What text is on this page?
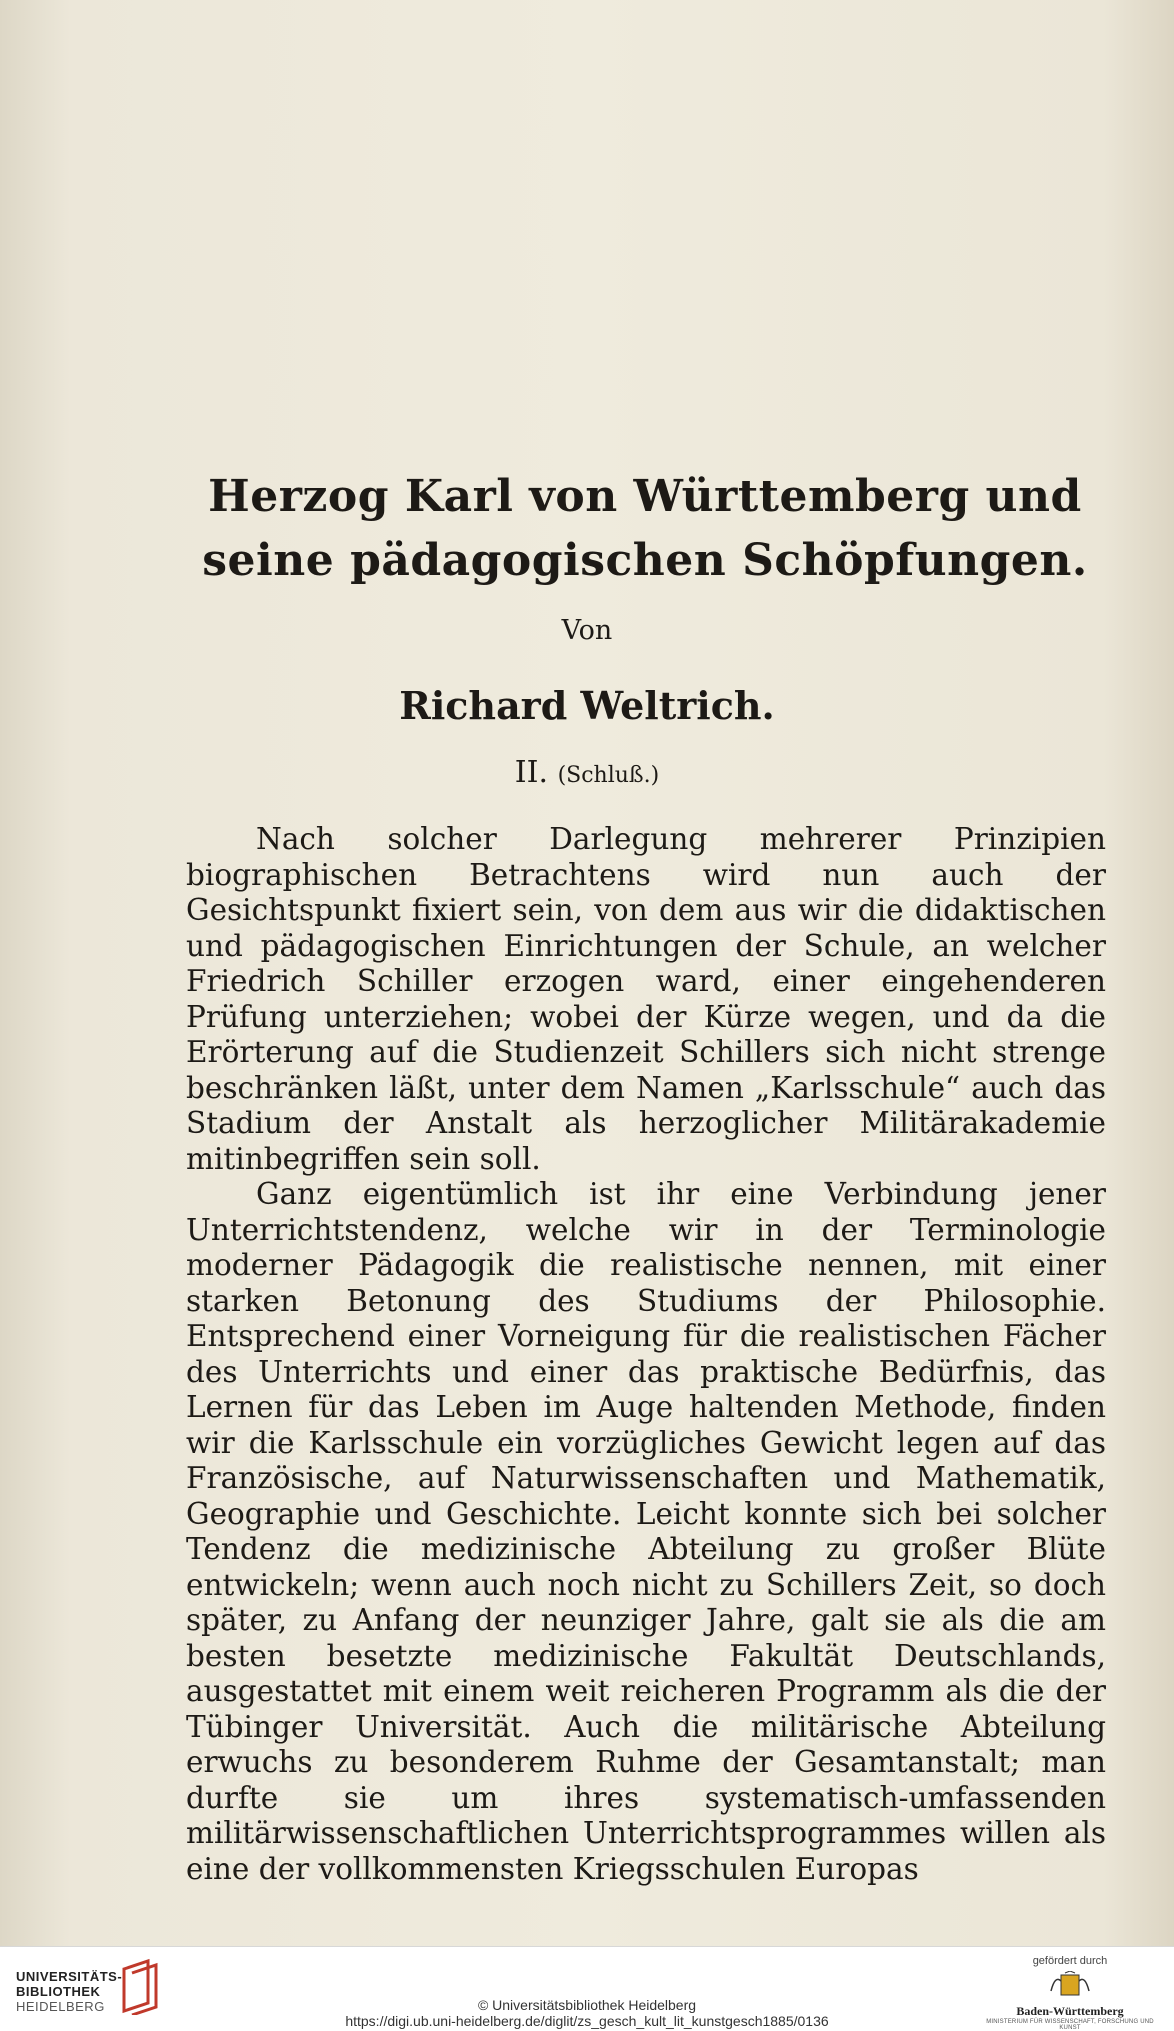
Herzog Karl von Württemberg und seine pädagogischen Schöpfungen.
Von
Richard Weltrich.
II. (Schluß.)

Nach solcher Darlegung mehrerer Prinzipien biographischen Betrachtens wird nun auch der Gesichtspunkt fixiert sein, von dem aus wir die didaktischen und pädagogischen Einrichtungen der Schule, an welcher Friedrich Schiller erzogen ward, einer eingehenderen Prüfung unterziehen; wobei der Kürze wegen, und da die Erörterung auf die Studienzeit Schillers sich nicht strenge beschränken läßt, unter dem Namen „Karlsschule“ auch das Stadium der Anstalt als herzoglicher Militärakademie mitinbegriffen sein soll.

Ganz eigentümlich ist ihr eine Verbindung jener Unterrichtstendenz, welche wir in der Terminologie moderner Pädagogik die realistische nennen, mit einer starken Betonung des Studiums der Philosophie. Entsprechend einer Vorneigung für die realistischen Fächer des Unterrichts und einer das praktische Bedürfnis, das Lernen für das Leben im Auge haltenden Methode, finden wir die Karlsschule ein vorzügliches Gewicht legen auf das Französische, auf Naturwissenschaften und Mathematik, Geographie und Geschichte. Leicht konnte sich bei solcher Tendenz die medizinische Abteilung zu großer Blüte entwickeln; wenn auch noch nicht zu Schillers Zeit, so doch später, zu Anfang der neunziger Jahre, galt sie als die am besten besetzte medizinische Fakultät Deutschlands, ausgestattet mit einem weit reicheren Programm als die der Tübinger Universität. Auch die militärische Abteilung erwuchs zu besonderem Ruhme der Gesamtanstalt; man durfte sie um ihres systematisch-umfassenden militärwissenschaftlichen Unterrichtsprogrammes willen als eine der vollkommensten Kriegsschulen Europas

UNIVERSITÄTS-
BIBLIOTHEK
HEIDELBERG	© Universitätsbibliothek Heidelberg
https://digi.ub.uni-heidelberg.de/diglit/zs_gesch_kult_lit_kunstgesch1885/0136
gefördert durch
Baden-Württemberg
MINISTERIUM FÜR WISSENSCHAFT, FORSCHUNG UND KUNST
